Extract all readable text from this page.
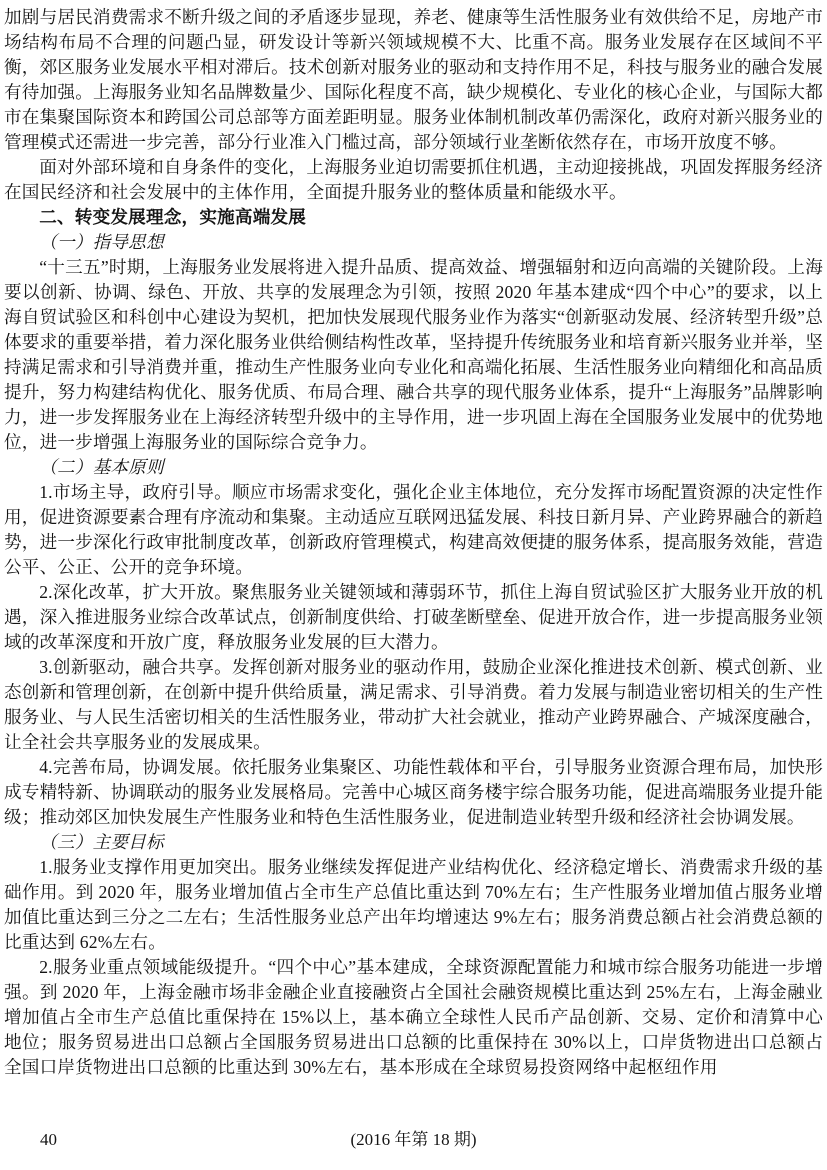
加剧与居民消费需求不断升级之间的矛盾逐步显现，养老、健康等生活性服务业有效供给不足，房地产市场结构布局不合理的问题凸显，研发设计等新兴领域规模不大、比重不高。服务业发展存在区域间不平衡，郊区服务业发展水平相对滞后。技术创新对服务业的驱动和支持作用不足，科技与服务业的融合发展有待加强。上海服务业知名品牌数量少、国际化程度不高，缺少规模化、专业化的核心企业，与国际大都市在集聚国际资本和跨国公司总部等方面差距明显。服务业体制机制改革仍需深化，政府对新兴服务业的管理模式还需进一步完善，部分行业准入门槛过高，部分领域行业垄断依然存在，市场开放度不够。

面对外部环境和自身条件的变化，上海服务业迫切需要抓住机遇，主动迎接挑战，巩固发挥服务经济在国民经济和社会发展中的主体作用，全面提升服务业的整体质量和能级水平。

二、转变发展理念，实施高端发展

（一）指导思想

“十三五”时期，上海服务业发展将进入提升品质、提高效益、增强辐射和迈向高端的关键阶段。上海要以创新、协调、绿色、开放、共享的发展理念为引领，按照 2020 年基本建成“四个中心”的要求，以上海自贸试验区和科创中心建设为契机，把加快发展现代服务业作为落实“创新驱动发展、经济转型升级”总体要求的重要举措，着力深化服务业供给侧结构性改革，坚持提升传统服务业和培育新兴服务业并举，坚持满足需求和引导消费并重，推动生产性服务业向专业化和高端化拓展、生活性服务业向精细化和高品质提升，努力构建结构优化、服务优质、布局合理、融合共享的现代服务业体系，提升“上海服务”品牌影响力，进一步发挥服务业在上海经济转型升级中的主导作用，进一步巩固上海在全国服务业发展中的优势地位，进一步增强上海服务业的国际综合竞争力。

（二）基本原则

1.市场主导，政府引导。顺应市场需求变化，强化企业主体地位，充分发挥市场配置资源的决定性作用，促进资源要素合理有序流动和集聚。主动适应互联网迅猛发展、科技日新月异、产业跨界融合的新趋势，进一步深化行政审批制度改革，创新政府管理模式，构建高效便捷的服务体系，提高服务效能，营造公平、公正、公开的竞争环境。

2.深化改革，扩大开放。聚焦服务业关键领域和薄弱环节，抓住上海自贸试验区扩大服务业开放的机遇，深入推进服务业综合改革试点，创新制度供给、打破垄断壁垒、促进开放合作，进一步提高服务业领域的改革深度和开放广度，释放服务业发展的巨大潜力。

3.创新驱动，融合共享。发挥创新对服务业的驱动作用，鼓励企业深化推进技术创新、模式创新、业态创新和管理创新，在创新中提升供给质量，满足需求、引导消费。着力发展与制造业密切相关的生产性服务业、与人民生活密切相关的生活性服务业，带动扩大社会就业，推动产业跨界融合、产城深度融合，让全社会共享服务业的发展成果。

4.完善布局，协调发展。依托服务业集聚区、功能性载体和平台，引导服务业资源合理布局，加快形成专精特新、协调联动的服务业发展格局。完善中心城区商务楼宇综合服务功能，促进高端服务业提升能级；推动郊区加快发展生产性服务业和特色生活性服务业，促进制造业转型升级和经济社会协调发展。

（三）主要目标

1.服务业支撑作用更加突出。服务业继续发挥促进产业结构优化、经济稳定增长、消费需求升级的基础作用。到 2020 年，服务业增加值占全市生产总值比重达到 70%左右；生产性服务业增加值占服务业增加值比重达到三分之二左右；生活性服务业总产出年均增速达 9%左右；服务消费总额占社会消费总额的比重达到 62%左右。

2.服务业重点领域能级提升。“四个中心”基本建成，全球资源配置能力和城市综合服务功能进一步增强。到 2020 年，上海金融市场非金融企业直接融资占全国社会融资规模比重达到 25%左右，上海金融业增加值占全市生产总值比重保持在 15%以上，基本确立全球性人民币产品创新、交易、定价和清算中心地位；服务贸易进出口总额占全国服务贸易进出口总额的比重保持在 30%以上，口岸货物进出口总额占全国口岸货物进出口总额的比重达到 30%左右，基本形成在全球贸易投资网络中起枢纽作用

40	(2016 年第 18 期)
